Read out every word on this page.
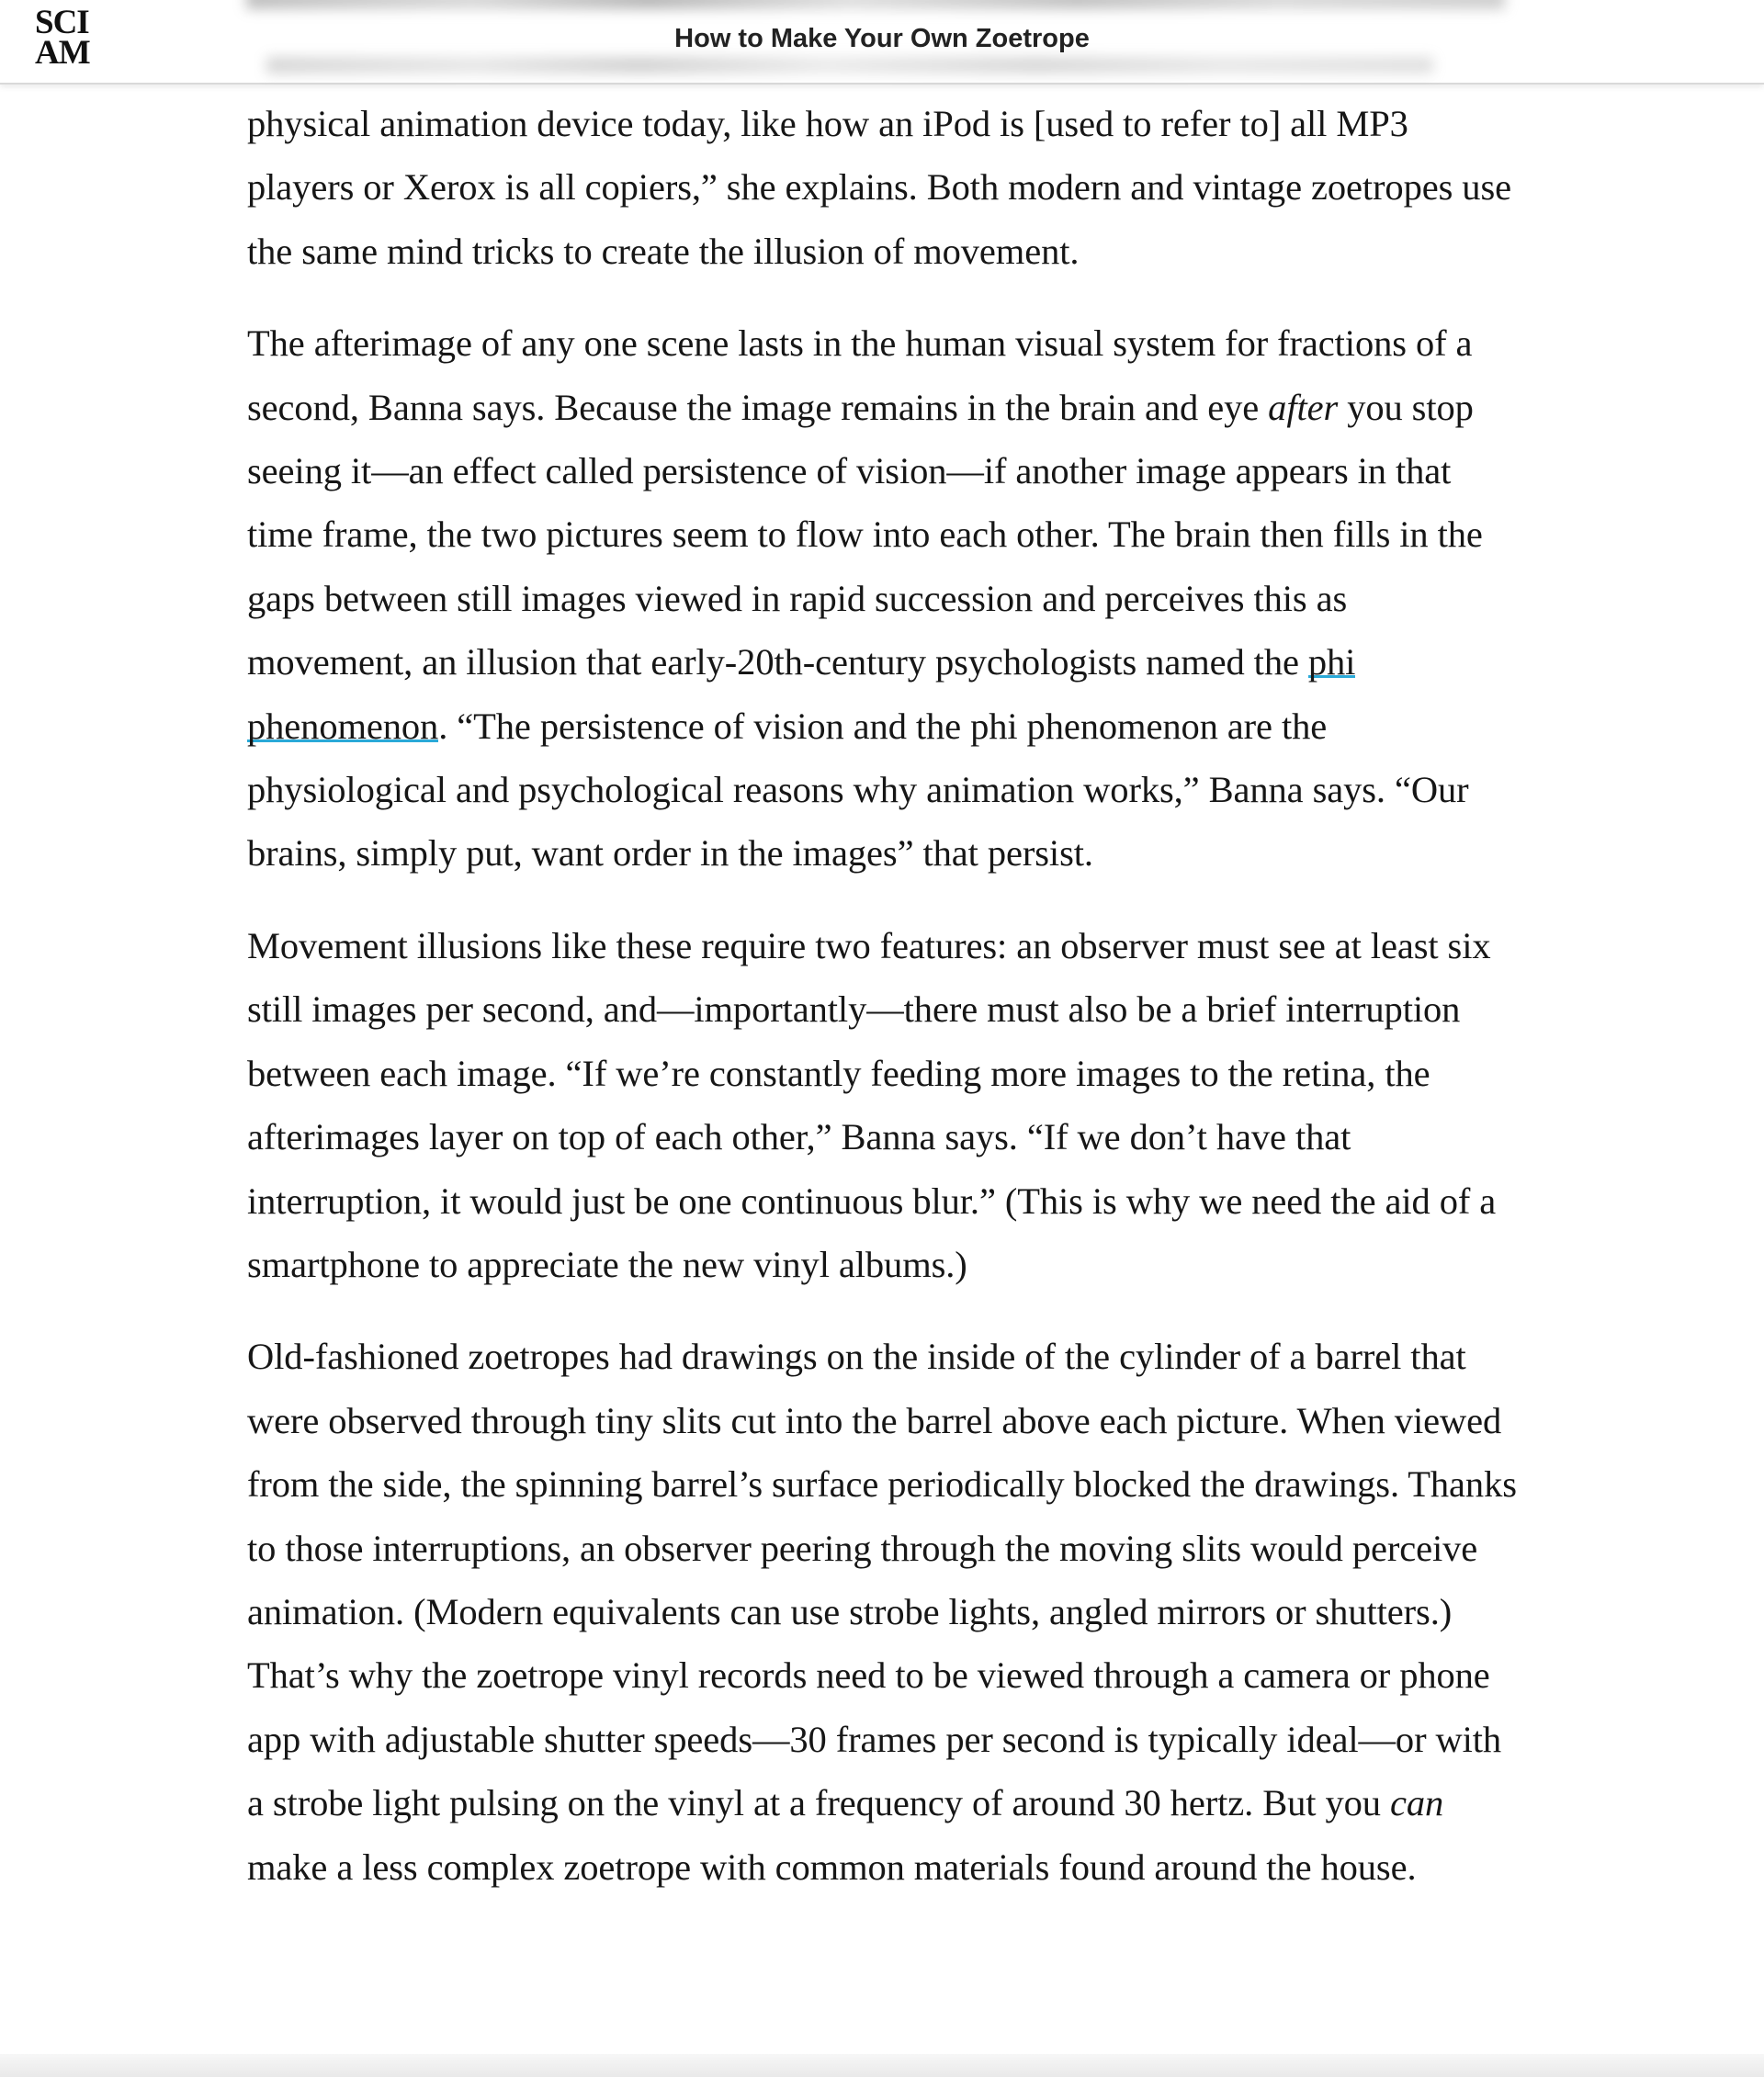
SCI
AM	How to Make Your Own Zoetrope

physical animation device today, like how an iPod is [used to refer to] all MP3 players or Xerox is all copiers,” she explains. Both modern and vintage zoetropes use the same mind tricks to create the illusion of movement.

The afterimage of any one scene lasts in the human visual system for fractions of a second, Banna says. Because the image remains in the brain and eye after you stop seeing it—an effect called persistence of vision—if another image appears in that time frame, the two pictures seem to flow into each other. The brain then fills in the gaps between still images viewed in rapid succession and perceives this as movement, an illusion that early-20th-century psychologists named the phi phenomenon. “The persistence of vision and the phi phenomenon are the physiological and psychological reasons why animation works,” Banna says. “Our brains, simply put, want order in the images” that persist.

Movement illusions like these require two features: an observer must see at least six still images per second, and—importantly—there must also be a brief interruption between each image. “If we’re constantly feeding more images to the retina, the afterimages layer on top of each other,” Banna says. “If we don’t have that interruption, it would just be one continuous blur.” (This is why we need the aid of a smartphone to appreciate the new vinyl albums.)

Old-fashioned zoetropes had drawings on the inside of the cylinder of a barrel that were observed through tiny slits cut into the barrel above each picture. When viewed from the side, the spinning barrel’s surface periodically blocked the drawings. Thanks to those interruptions, an observer peering through the moving slits would perceive animation. (Modern equivalents can use strobe lights, angled mirrors or shutters.) That’s why the zoetrope vinyl records need to be viewed through a camera or phone app with adjustable shutter speeds—30 frames per second is typically ideal—or with a strobe light pulsing on the vinyl at a frequency of around 30 hertz. But you can make a less complex zoetrope with common materials found around the house.
